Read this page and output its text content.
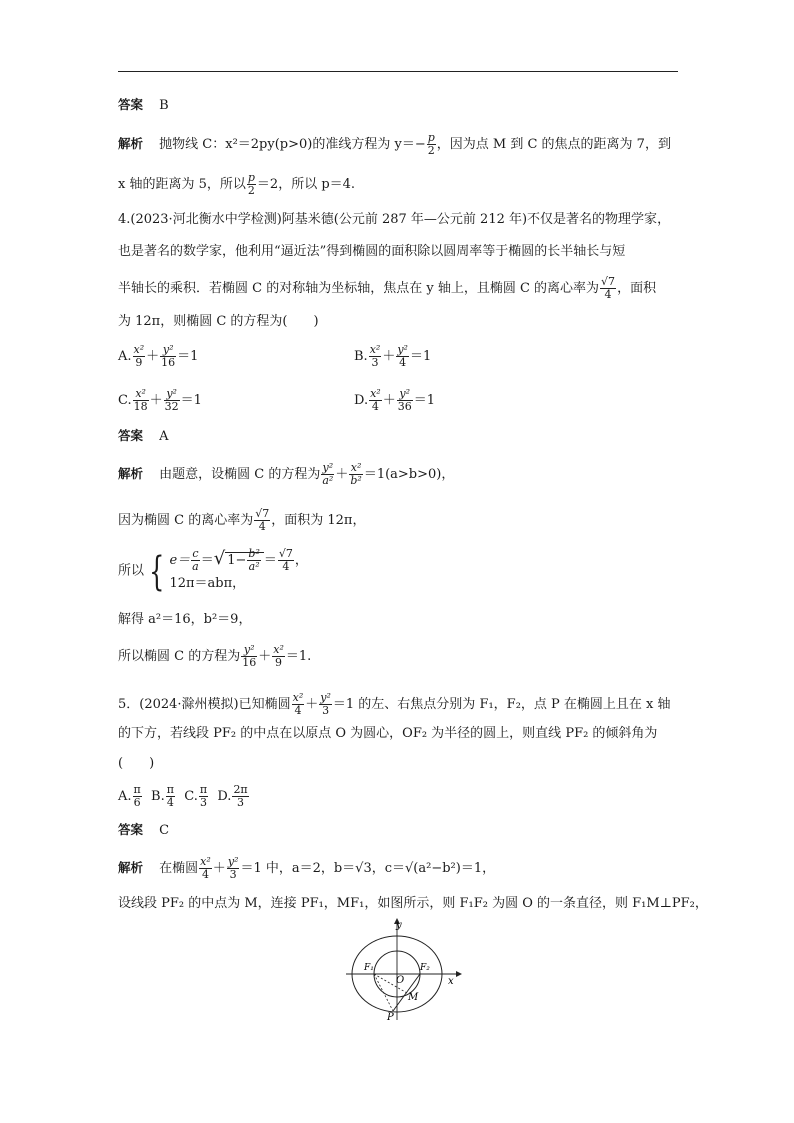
答案 B
解析 抛物线 C：x²＝2py(p>0)的准线方程为 $y=- \frac{p}{2}$ ，因为点 M 到 C 的焦点的距离为 7，到
x 轴的距离为 5，所以 $\frac{p}{2} =2$，所以 p＝4.
4.(2023·河北衡水中学检测)阿基米德(公元前 287 年—公元前 212 年)不仅是著名的物理学家，
也是著名的数学家，他利用“逼近法”得到椭圆的面积除以圆周率等于椭圆的长半轴长与短
半轴长的乘积．若椭圆 C 的对称轴为坐标轴，焦点在 y 轴上，且椭圆 C 的离心率为 $\frac{√7}{4}$ ，面积
为 12π，则椭圆 C 的方程为(　　)
A. $\frac{\text{x²}}{9} + \frac{\text{y²}}{16} =1$	B. $\frac{\text{x²}}{3} + \frac{\text{y²}}{4} =1$
C. $\frac{\text{x²}}{18} + \frac{\text{y²}}{32} =1$	D. $\frac{\text{x²}}{4} + \frac{\text{y²}}{36} =1$
答案 A
解析 由题意，设椭圆 C 的方程为 $\frac{\text{y²}}{\text{a²}} + \frac{\text{x²}}{\text{b²}} =1(a>b>0)$，
因为椭圆 C 的离心率为 $\frac{√7}{4}$ ，面积为 12π，
所以 { $e= \frac{c}{a}$ ＝√ $1- \frac{\text{b²}}{\text{a²}} = \frac{√7}{4}$ ，
12π＝abπ，
解得 a²＝16，b²＝9，
所以椭圆 C 的方程为 $\frac{\text{y²}}{16} + \frac{\text{x²}}{9} =1$.
5．(2024·滁州模拟)已知椭圆 $\frac{\text{x²}}{4} + \frac{\text{y²}}{3} =1$ 的左、右焦点分别为 F₁，F₂，点 P 在椭圆上且在 x 轴
的下方，若线段 PF₂ 的中点在以原点 O 为圆心，OF₂ 为半径的圆上，则直线 PF₂ 的倾斜角为
(　　)
A. $\frac{\pi}{6} B$. $\frac{\pi}{4} C$. $\frac{\pi}{3} D$. $\frac{2\pi}{3}$
答案 C
解析 在椭圆 $\frac{\text{x²}}{4} + \frac{\text{y²}}{3} =1$ 中，a＝2，b＝√3，c＝√(a²−b²)＝1，
设线段 PF₂ 的中点为 M，连接 PF₁，MF₁，如图所示，则 F₁F₂ 为圆 O 的一条直径，则 F₁M⊥PF₂，
y
x
O
F₁	F₂
M
P
